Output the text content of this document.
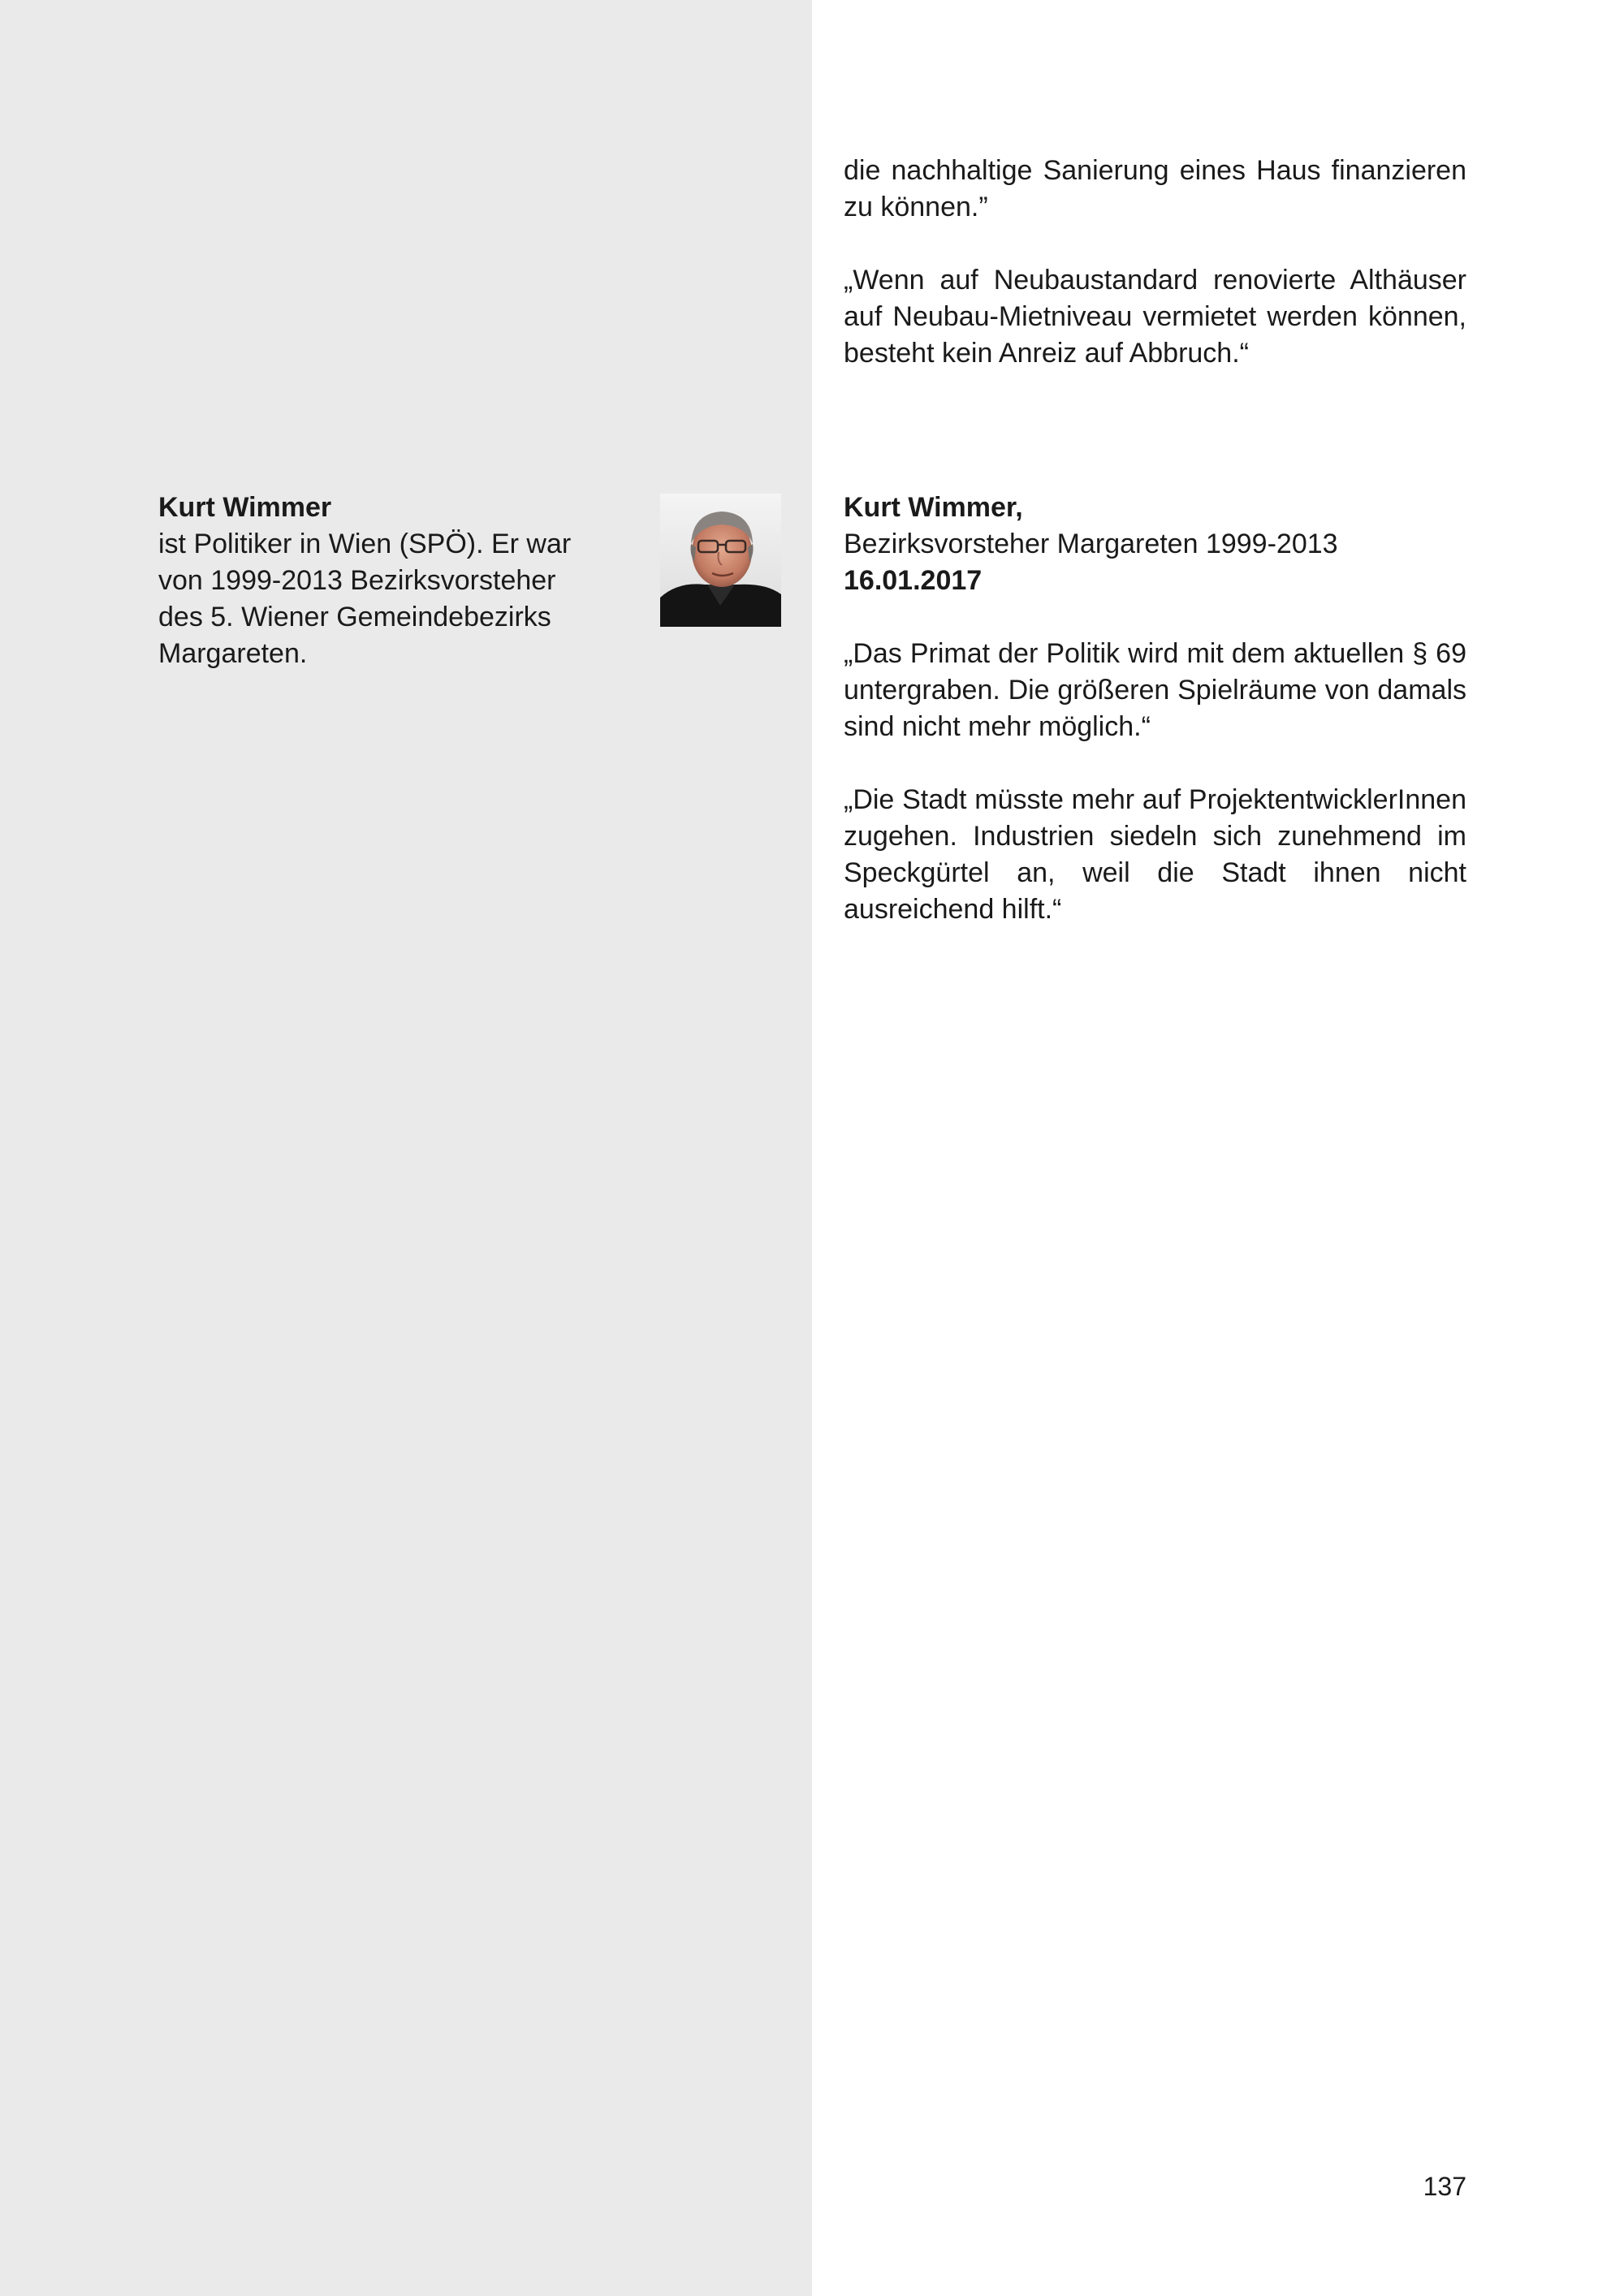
die nachhaltige Sanierung eines Haus finanzieren zu können.”

„Wenn auf Neubaustandard renovierte Althäuser auf Neubau-Mietniveau vermietet werden können, besteht kein Anreiz auf Abbruch.“

Kurt Wimmer
ist Politiker in Wien (SPÖ). Er war
von 1999-2013 Bezirksvorsteher
des 5. Wiener Gemeindebezirks
Margareten.
Kurt Wimmer,
Bezirksvorsteher Margareten 1999-2013
16.01.2017

„Das Primat der Politik wird mit dem aktuellen § 69 untergraben. Die größeren Spielräume von damals sind nicht mehr möglich.“

„Die Stadt müsste mehr auf ProjektentwicklerInnen zugehen. Industrien siedeln sich zunehmend im Speckgürtel an, weil die Stadt ihnen nicht ausreichend hilft.“

137
